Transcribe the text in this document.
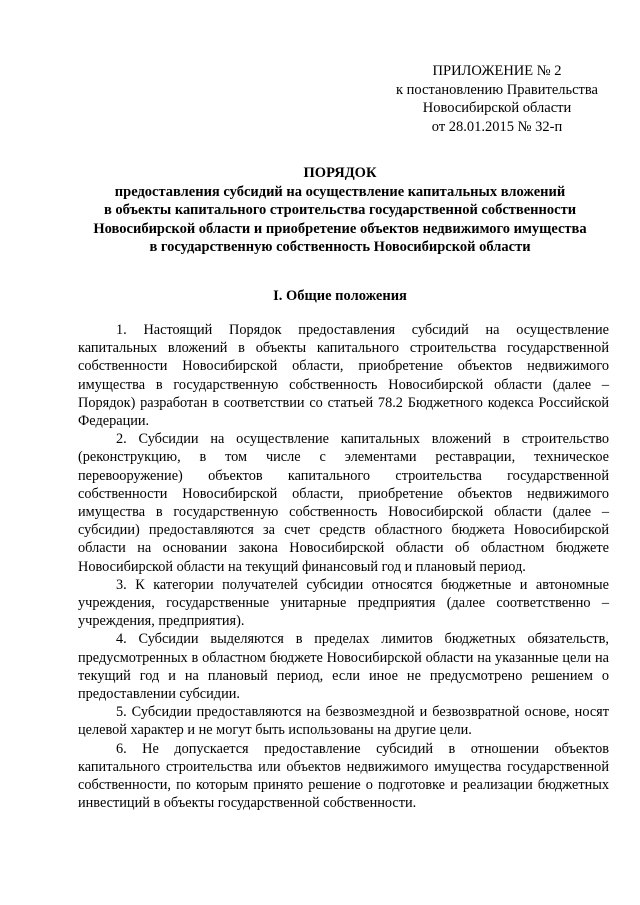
ПРИЛОЖЕНИЕ № 2
к постановлению Правительства
Новосибирской области
от 28.01.2015 № 32-п
ПОРЯДОК
предоставления субсидий на осуществление капитальных вложений
в объекты капитального строительства государственной собственности
Новосибирской области и приобретение объектов недвижимого имущества
в государственную собственность Новосибирской области
I. Общие положения

1. Настоящий Порядок предоставления субсидий на осуществление капитальных вложений в объекты капитального строительства государственной собственности Новосибирской области, приобретение объектов недвижимого имущества в государственную собственность Новосибирской области (далее – Порядок) разработан в соответствии со статьей 78.2 Бюджетного кодекса Российской Федерации.

2. Субсидии на осуществление капитальных вложений в строительство (реконструкцию, в том числе с элементами реставрации, техническое перевооружение) объектов капитального строительства государственной собственности Новосибирской области, приобретение объектов недвижимого имущества в государственную собственность Новосибирской области (далее – субсидии) предоставляются за счет средств областного бюджета Новосибирской области на основании закона Новосибирской области об областном бюджете Новосибирской области на текущий финансовый год и плановый период.

3. К категории получателей субсидии относятся бюджетные и автономные учреждения, государственные унитарные предприятия (далее соответственно – учреждения, предприятия).

4. Субсидии выделяются в пределах лимитов бюджетных обязательств, предусмотренных в областном бюджете Новосибирской области на указанные цели на текущий год и на плановый период, если иное не предусмотрено решением о предоставлении субсидии.

5. Субсидии предоставляются на безвозмездной и безвозвратной основе, носят целевой характер и не могут быть использованы на другие цели.

6. Не допускается предоставление субсидий в отношении объектов капитального строительства или объектов недвижимого имущества государственной собственности, по которым принято решение о подготовке и реализации бюджетных инвестиций в объекты государственной собственности.
